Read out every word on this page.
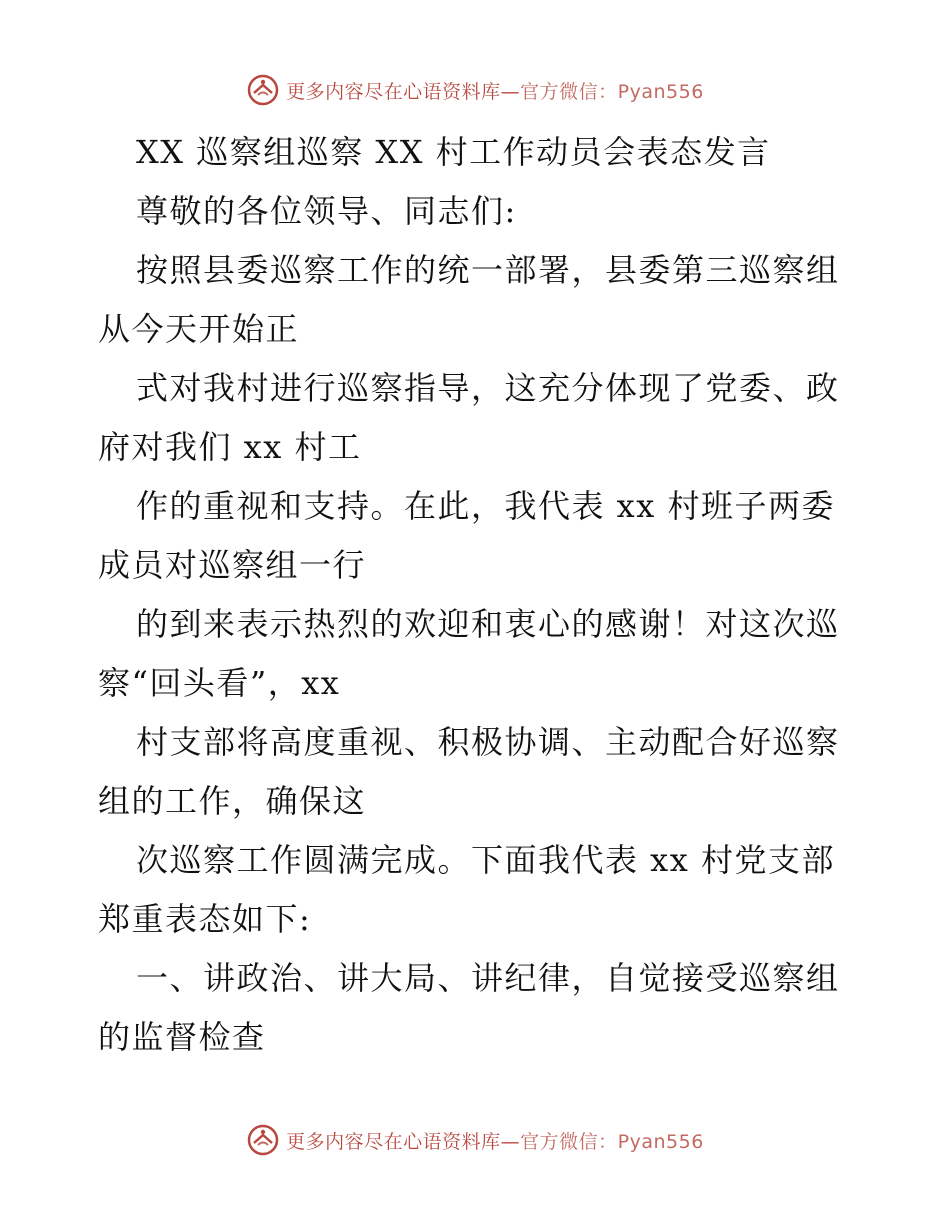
更多内容尽在心语资料库—官方微信：Pyan556
XX 巡察组巡察 XX 村工作动员会表态发言
尊敬的各位领导、同志们:
按照县委巡察工作的统一部署，县委第三巡察组
从今天开始正
式对我村进行巡察指导，这充分体现了党委、政
府对我们 xx 村工
作的重视和支持。在此，我代表 xx 村班子两委
成员对巡察组一行
的到来表示热烈的欢迎和衷心的感谢！对这次巡
察“回头看”，xx
村支部将高度重视、积极协调、主动配合好巡察
组的工作，确保这
次巡察工作圆满完成。下面我代表 xx 村党支部
郑重表态如下:
一、讲政治、讲大局、讲纪律，自觉接受巡察组
的监督检查
更多内容尽在心语资料库—官方微信：Pyan556
